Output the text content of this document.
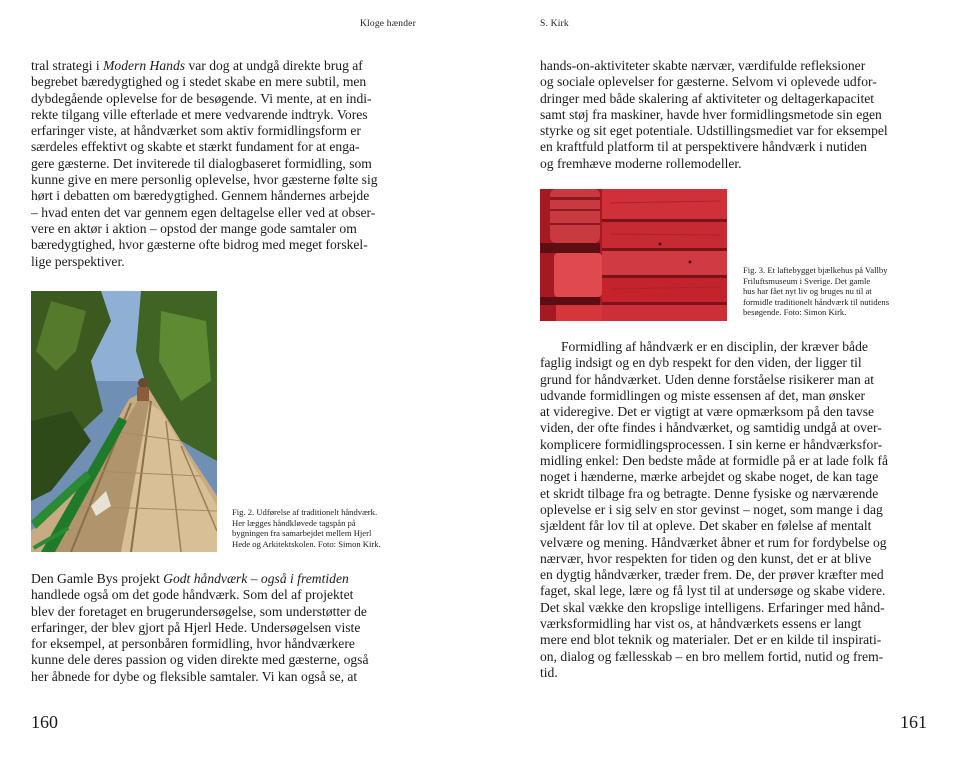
Kloge hænder
tral strategi i Modern Hands var dog at undgå direkte brug af
begrebet bæredygtighed og i stedet skabe en mere subtil, men
dybdegående oplevelse for de besøgende. Vi mente, at en indi-
rekte tilgang ville efterlade et mere vedvarende indtryk. Vores
erfaringer viste, at håndværket som aktiv formidlingsform er
særdeles effektivt og skabte et stærkt fundament for at enga-
gere gæsterne. Det inviterede til dialogbaseret formidling, som
kunne give en mere personlig oplevelse, hvor gæsterne følte sig
hørt i debatten om bæredygtighed. Gennem håndernes arbejde
– hvad enten det var gennem egen deltagelse eller ved at obser-
vere en aktør i aktion – opstod der mange gode samtaler om
bæredygtighed, hvor gæsterne ofte bidrog med meget forskel-
lige perspektiver.
Fig. 2. Udførelse af traditionelt håndværk.
Her lægges håndkløvede tagspån på
bygningen fra samarbejdet mellem Hjerl
Hede og Arkitektskolen. Foto: Simon Kirk.
Den Gamle Bys projekt Godt håndværk – også i fremtiden
handlede også om det gode håndværk. Som del af projektet
blev der foretaget en brugerundersøgelse, som understøtter de
erfaringer, der blev gjort på Hjerl Hede. Undersøgelsen viste
for eksempel, at personbåren formidling, hvor håndværkere
kunne dele deres passion og viden direkte med gæsterne, også
her åbnede for dybe og fleksible samtaler. Vi kan også se, at
160
S. Kirk
hands-on-aktiviteter skabte nærvær, værdifulde refleksioner
og sociale oplevelser for gæsterne. Selvom vi oplevede udfor-
dringer med både skalering af aktiviteter og deltagerkapacitet
samt støj fra maskiner, havde hver formidlingsmetode sin egen
styrke og sit eget potentiale. Udstillingsmediet var for eksempel
en kraftfuld platform til at perspektivere håndværk i nutiden
og fremhæve moderne rollemodeller.
Fig. 3. Et laftebygget bjælkehus på Vallby
Friluftsmuseum i Sverige. Det gamle
hus har fået nyt liv og bruges nu til at
formidle traditionelt håndværk til nutidens
besøgende. Foto: Simon Kirk.
Formidling af håndværk er en disciplin, der kræver både
faglig indsigt og en dyb respekt for den viden, der ligger til
grund for håndværket. Uden denne forståelse risikerer man at
udvande formidlingen og miste essensen af det, man ønsker
at videregive. Det er vigtigt at være opmærksom på den tavse
viden, der ofte findes i håndværket, og samtidig undgå at over-
komplicere formidlingsprocessen. I sin kerne er håndværksfor-
midling enkel: Den bedste måde at formidle på er at lade folk få
noget i hænderne, mærke arbejdet og skabe noget, de kan tage
et skridt tilbage fra og betragte. Denne fysiske og nærværende
oplevelse er i sig selv en stor gevinst – noget, som mange i dag
sjældent får lov til at opleve. Det skaber en følelse af mentalt
velvære og mening. Håndværket åbner et rum for fordybelse og
nærvær, hvor respekten for tiden og den kunst, det er at blive
en dygtig håndværker, træder frem. De, der prøver kræfter med
faget, skal lege, lære og få lyst til at undersøge og skabe videre.
Det skal vække den kropslige intelligens. Erfaringer med hånd-
værksformidling har vist os, at håndværkets essens er langt
mere end blot teknik og materialer. Det er en kilde til inspirati-
on, dialog og fællesskab – en bro mellem fortid, nutid og frem-
tid.
161
